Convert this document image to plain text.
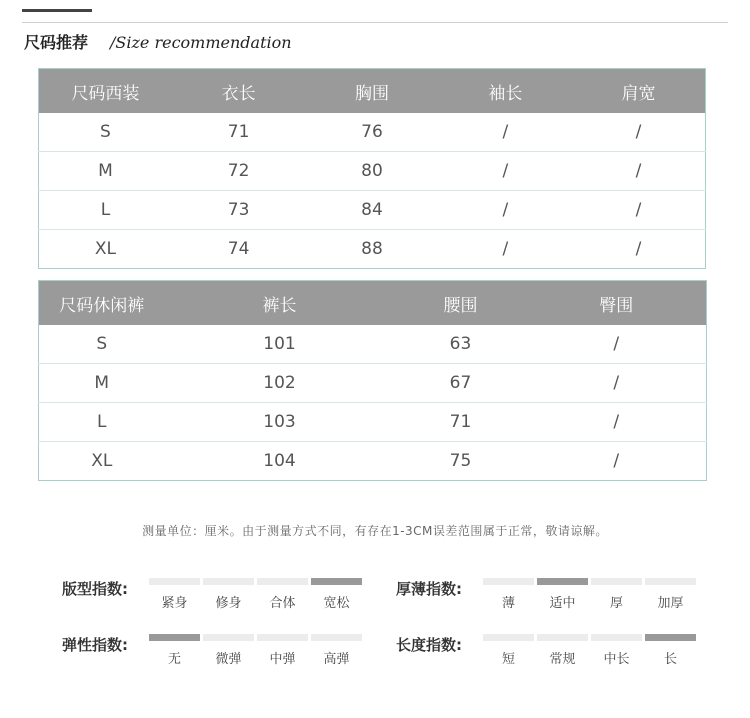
尺码推荐 /Size recommendation
尺码西装	衣长	胸围	袖长	肩宽
S	71	76	/	/
M	72	80	/	/
L	73	84	/	/
XL	74	88	/	/
尺码休闲裤	裤长	腰围	臀围
S	101	63	/
M	102	67	/
L	103	71	/
XL	104	75	/
测量单位：厘米。由于测量方式不同，有存在1-3CM误差范围属于正常，敬请谅解。
版型指数:
紧身	修身	合体	宽松
厚薄指数:
薄	适中	厚	加厚
弹性指数:
无	微弹	中弹	高弹
长度指数:
短	常规	中长	长
